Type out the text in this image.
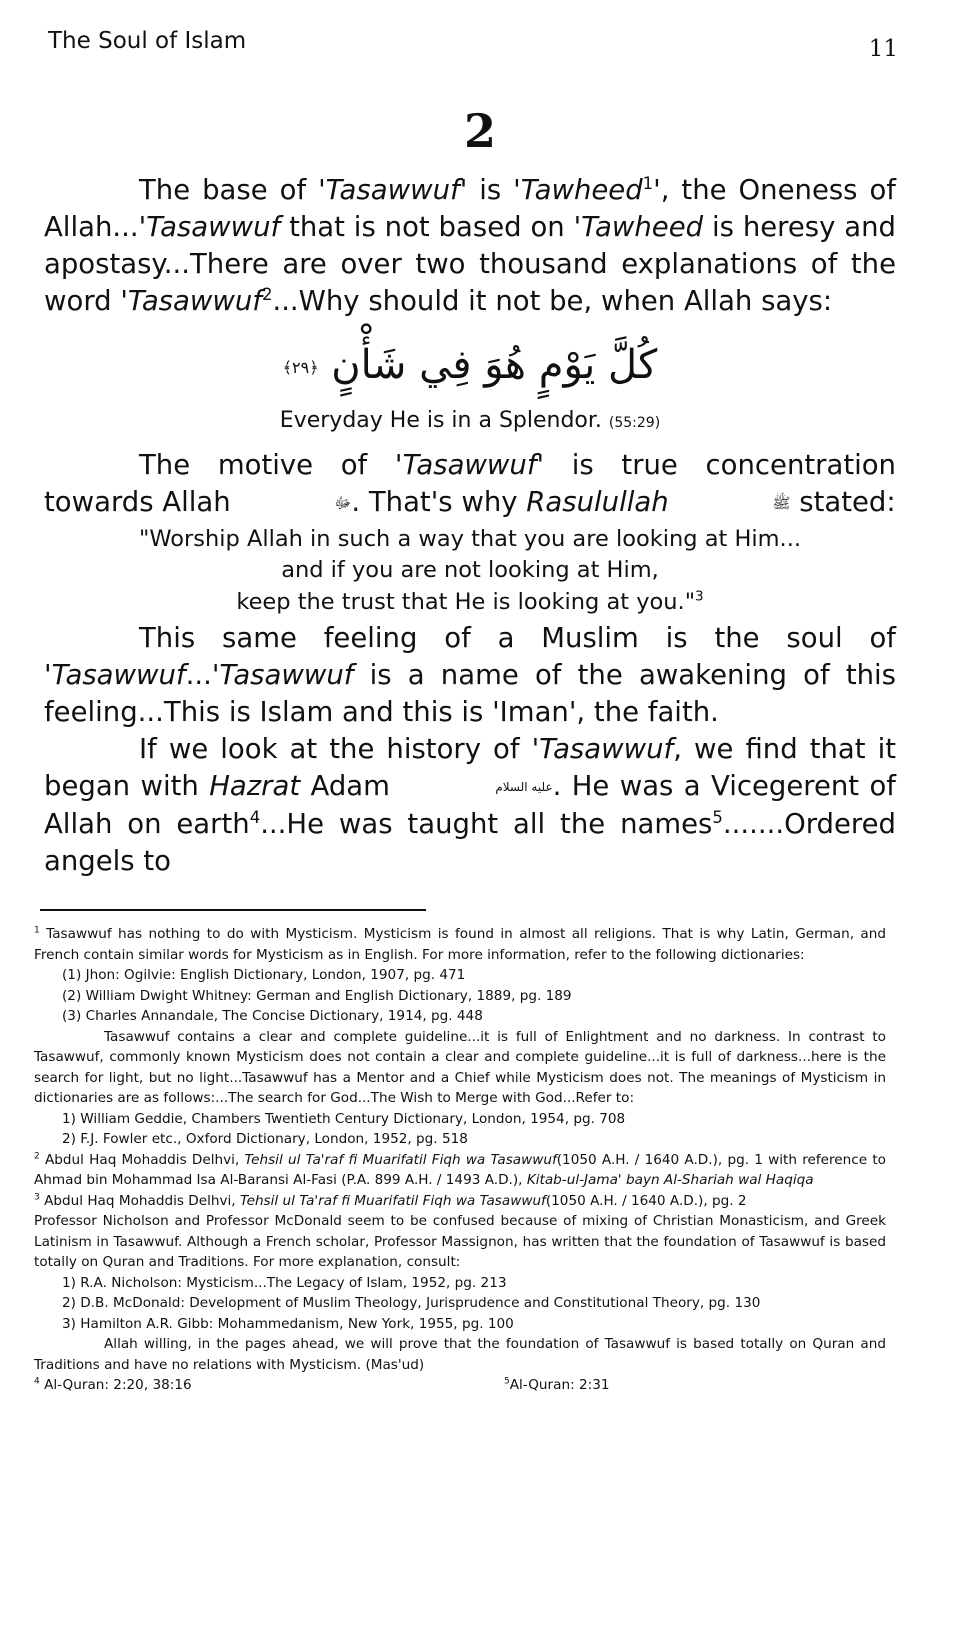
The Soul of Islam	11
2

The base of 'Tasawwuf' is 'Tawheed$^1$', the Oneness of Allah...'Tasawwuf that is not based on 'Tawheed is heresy and apostasy...There are over two thousand explanations of the word 'Tasawwuf$^2$...Why should it not be, when Allah says:

كُلَّ يَوْمٍ هُوَ فِي شَأْنٍ ﴿٢٩﴾
Everyday He is in a Splendor. (55:29)

The motive of 'Tasawwuf' is true concentration towards Allah	ﷻ. That's why Rasulullah	ﷺ stated:

"Worship Allah in such a way that you are looking at Him...
and if you are not looking at Him,
keep the trust that He is looking at you."$^3$

This same feeling of a Muslim is the soul of 'Tasawwuf...'Tasawwuf is a name of the awakening of this feeling...This is Islam and this is 'Iman', the faith.

If we look at the history of 'Tasawwuf, we find that it began with Hazrat Adam	عليه السلام. He was a Vicegerent of Allah on earth$^4$...He was taught all the names$^5$.......Ordered angels to

$^1$ Tasawwuf has nothing to do with Mysticism. Mysticism is found in almost all religions. That is why Latin, German, and French contain similar words for Mysticism as in English. For more information, refer to the following dictionaries:

(1) Jhon: Ogilvie: English Dictionary, London, 1907, pg. 471

(2) William Dwight Whitney: German and English Dictionary, 1889, pg. 189

(3) Charles Annandale, The Concise Dictionary, 1914, pg. 448

Tasawwuf contains a clear and complete guideline...it is full of Enlightment and no darkness. In contrast to Tasawwuf, commonly known Mysticism does not contain a clear and complete guideline...it is full of darkness...here is the search for light, but no light...Tasawwuf has a Mentor and a Chief while Mysticism does not. The meanings of Mysticism in dictionaries are as follows:...The search for God...The Wish to Merge with God...Refer to:

1) William Geddie, Chambers Twentieth Century Dictionary, London, 1954, pg. 708

2) F.J. Fowler etc., Oxford Dictionary, London, 1952, pg. 518

$^2$ Abdul Haq Mohaddis Delhvi, Tehsil ul Ta'raf fi Muarifatil Fiqh wa Tasawwuf(1050 A.H. / 1640 A.D.), pg. 1 with reference to Ahmad bin Mohammad Isa Al-Baransi Al-Fasi (P.A. 899 A.H. / 1493 A.D.), Kitab-ul-Jama' bayn Al-Shariah wal Haqiqa

$^3$ Abdul Haq Mohaddis Delhvi, Tehsil ul Ta'raf fi Muarifatil Fiqh wa Tasawwuf(1050 A.H. / 1640 A.D.), pg. 2

Professor Nicholson and Professor McDonald seem to be confused because of mixing of Christian Monasticism, and Greek Latinism in Tasawwuf. Although a French scholar, Professor Massignon, has written that the foundation of Tasawwuf is based totally on Quran and Traditions. For more explanation, consult:

1) R.A. Nicholson: Mysticism...The Legacy of Islam, 1952, pg. 213

2) D.B. McDonald: Development of Muslim Theology, Jurisprudence and Constitutional Theory, pg. 130

3) Hamilton A.R. Gibb: Mohammedanism, New York, 1955, pg. 100

Allah willing, in the pages ahead, we will prove that the foundation of Tasawwuf is based totally on Quran and Traditions and have no relations with Mysticism. (Mas'ud)

$^4$ Al-Quran: 2:20, 38:16	$^5$Al-Quran: 2:31
